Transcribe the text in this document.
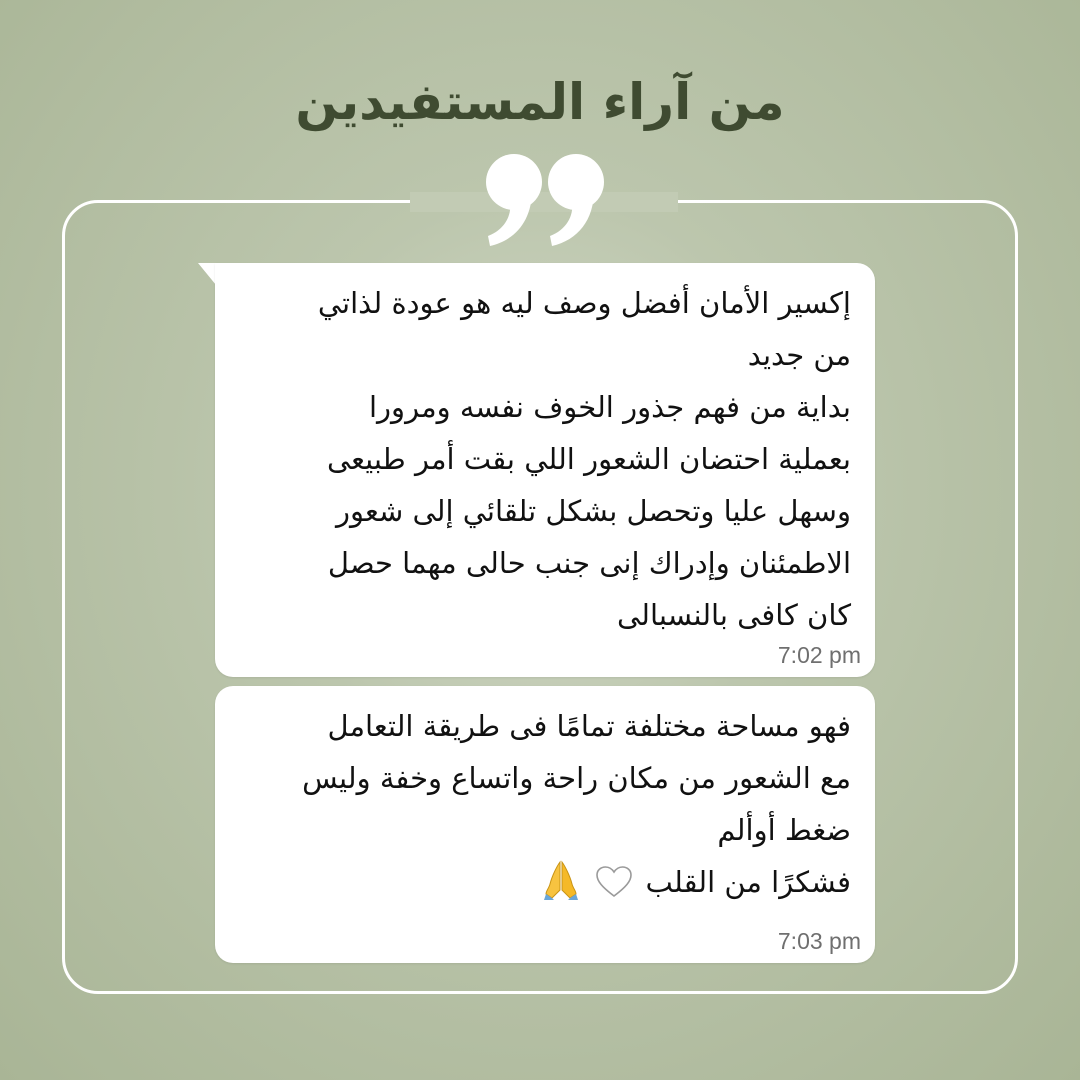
من آراء المستفيدين
إكسير الأمان أفضل وصف ليه هو عودة لذاتي
من جديد
بداية من فهم جذور الخوف نفسه ومرورا
بعملية احتضان الشعور اللي بقت أمر طبيعى
وسهل عليا وتحصل بشكل تلقائي إلى شعور
الاطمئنان وإدراك إنى جنب حالى مهما حصل
كان كافى بالنسبالى
7:02 pm
فهو مساحة مختلفة تمامًا فى طريقة التعامل
مع الشعور من مكان راحة واتساع وخفة وليس
ضغط أوألم
فشكرًا من القلب
7:03 pm
